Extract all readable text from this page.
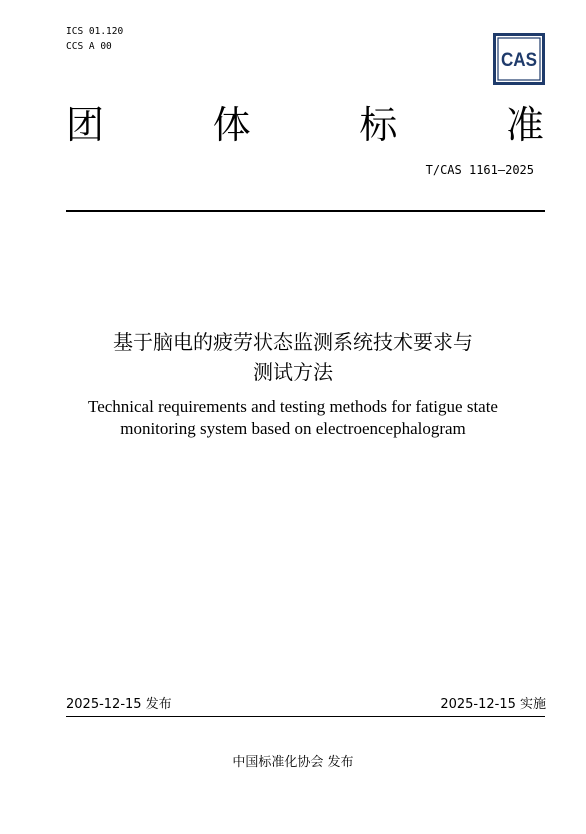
ICS 01.120
CCS A 00
CAS
团	体	标	准
T/CAS 1161—2025
基于脑电的疲劳状态监测系统技术要求与
测试方法
Technical requirements and testing methods for fatigue state
monitoring system based on electroencephalogram
2025-12-15 发布	2025-12-15 实施
中国标准化协会 发布
